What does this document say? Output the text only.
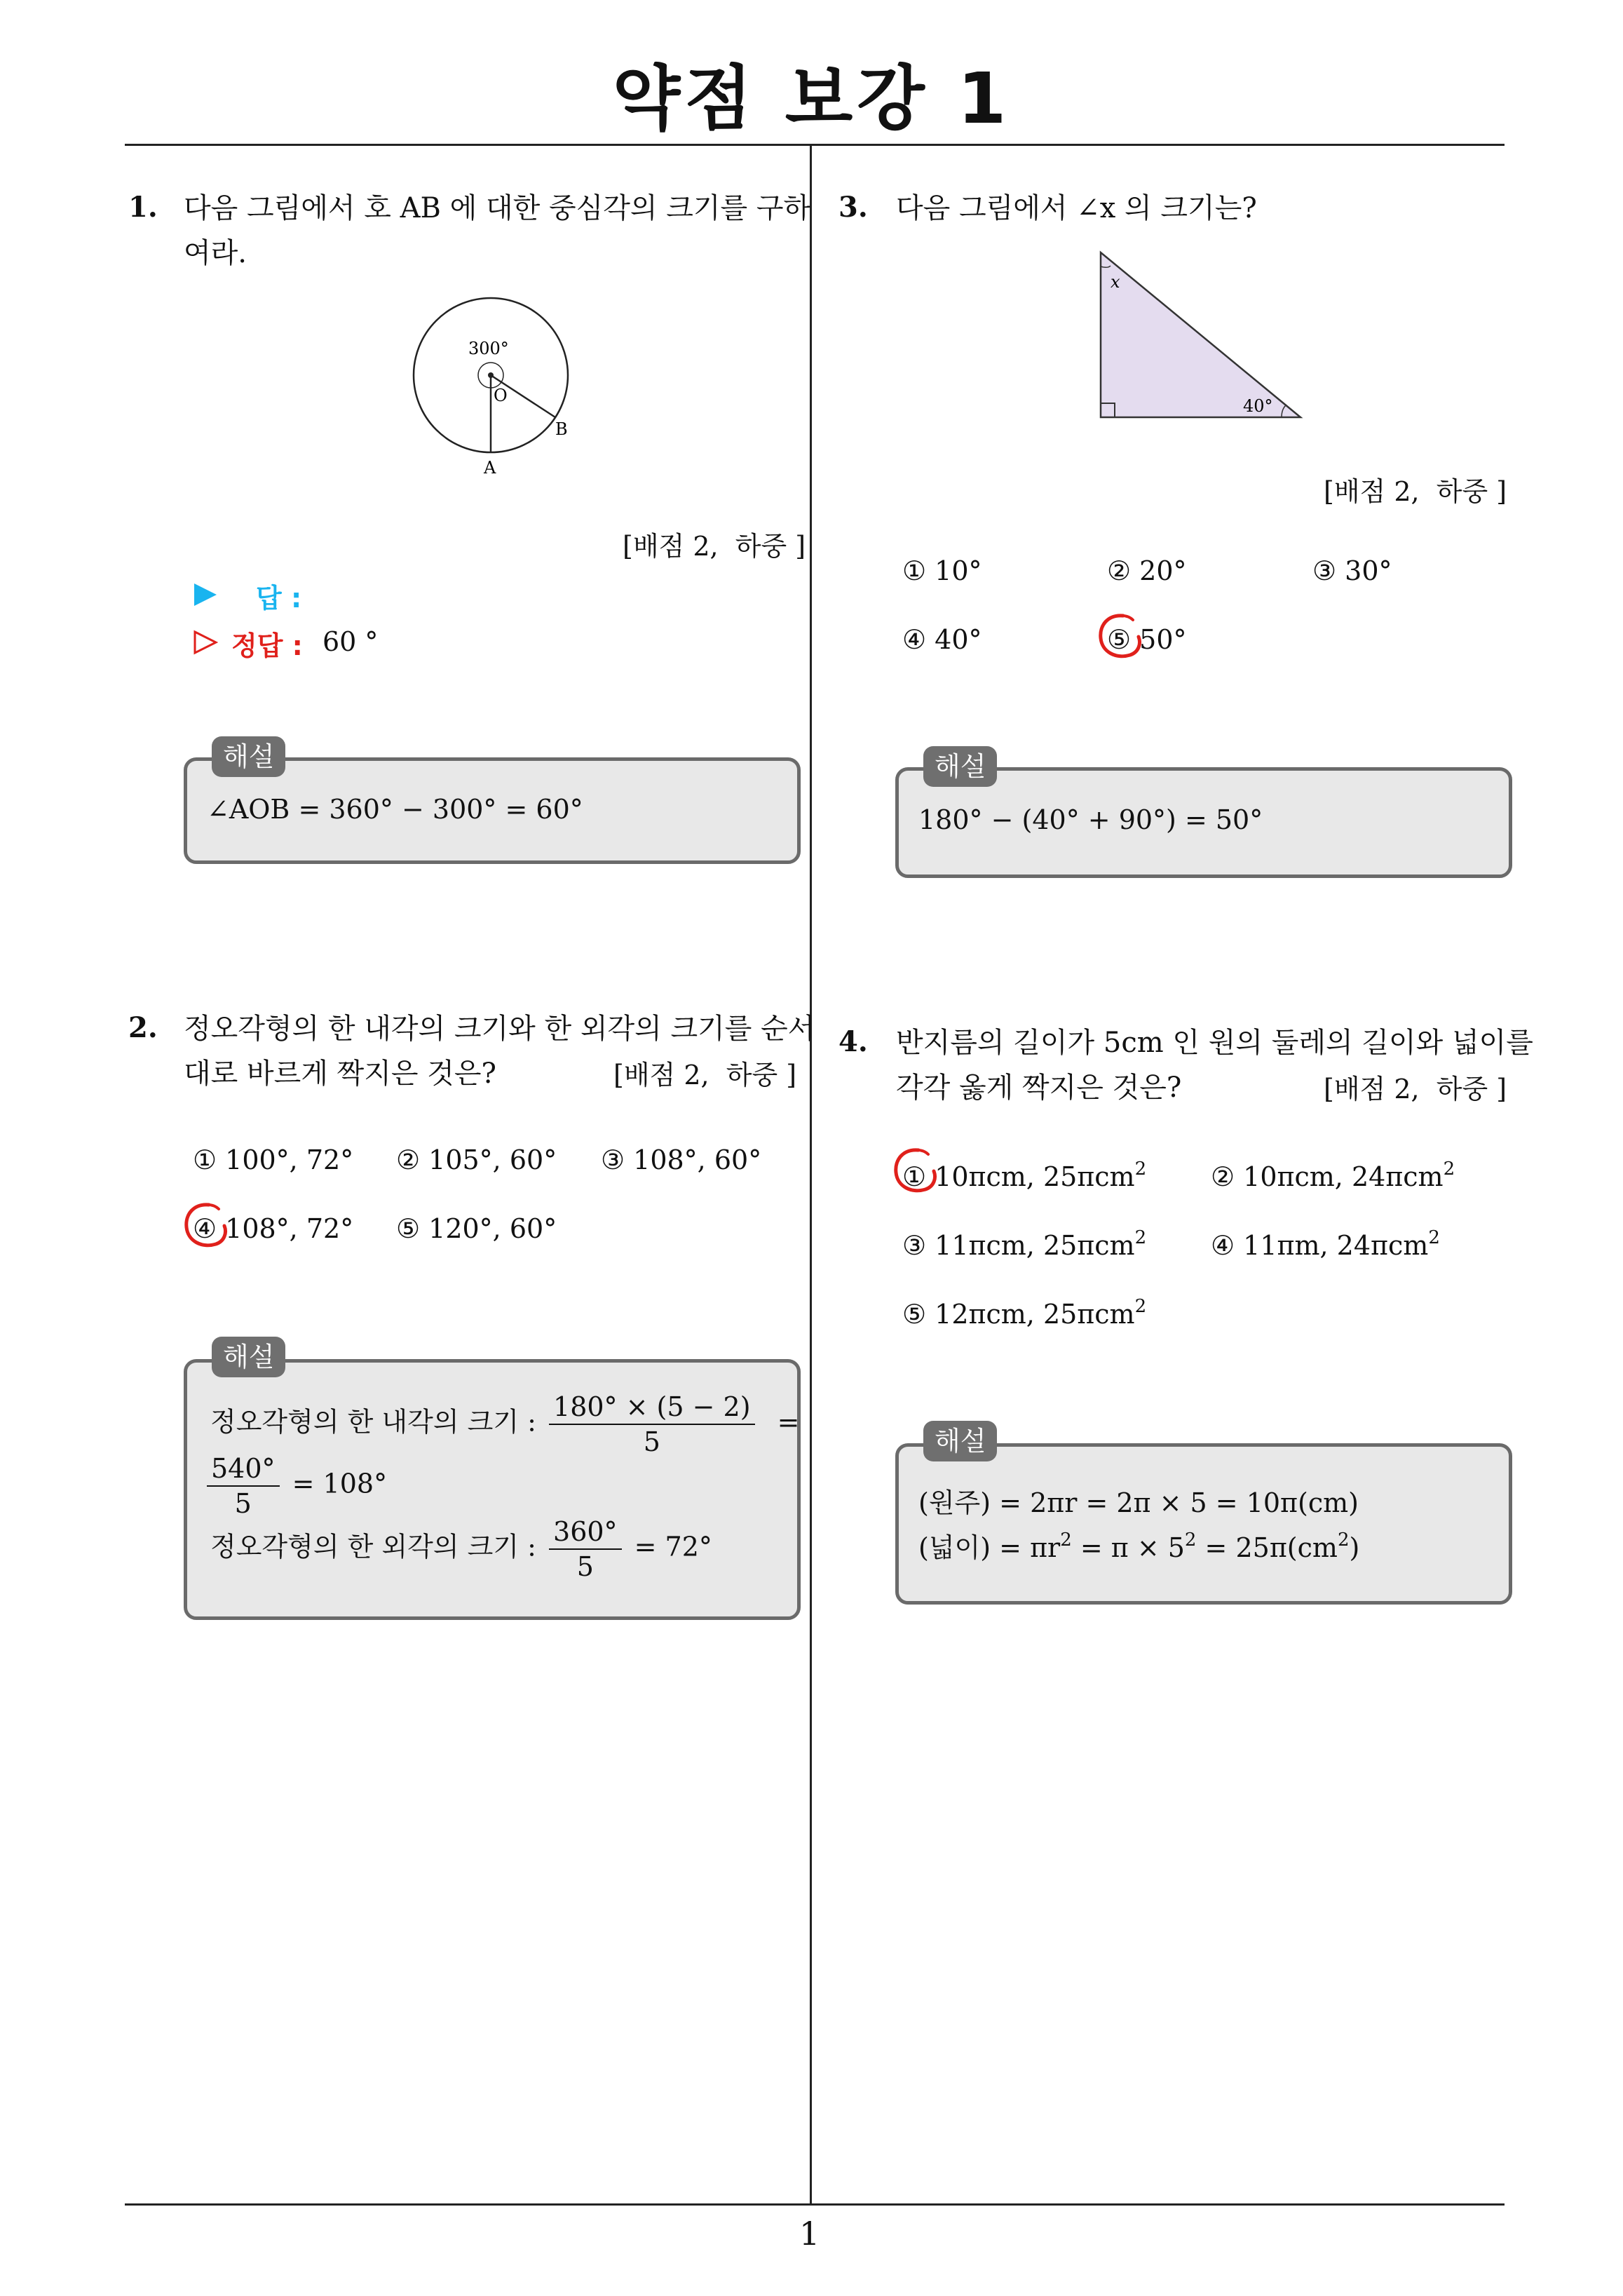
약점 보강 1
1
1. 다음 그림에서 호 AB 에 대한 중심각의 크기를 구하
여라.
300°
O
A
B
[배점 2,  하중 ]
답 :
정답 : 60 °
해설
∠AOB = 360° − 300° = 60°
2. 정오각형의 한 내각의 크기와 한 외각의 크기를 순서
대로 바르게 짝지은 것은?	[배점 2,  하중 ]
① 100°, 72° ② 105°, 60° ③ 108°, 60°
④ 108°, 72° ⑤ 120°, 60°
해설
정오각형의 한 내각의 크기 : $\frac{180^\circ \times (5 - 2)}{5}$ =
$\frac{540^\circ}{5} = 108^\circ$
정오각형의 한 외각의 크기 : $\frac{360^\circ}{5} = 72^\circ$
3. 다음 그림에서 ∠x 의 크기는?
x
40°
[배점 2,  하중 ]
① 10°	② 20°	③ 30°
④ 40°	⑤ 50°
해설
180° − (40° + 90°) = 50°
4. 반지름의 길이가 5cm 인 원의 둘레의 길이와 넓이를
각각 옳게 짝지은 것은?	[배점 2,  하중 ]
① 10πcm, 25πcm$^2$ ② 10πcm, 24πcm$^2$
③ 11πcm, 25πcm$^2$ ④ 11πm, 24πcm$^2$
⑤ 12πcm, 25πcm$^2$
해설
(원주) = 2πr = 2π × 5 = 10π(cm)
(넓이) = $\pi r^2 = \pi \times 5^2 = 25\pi(cm^2)$
